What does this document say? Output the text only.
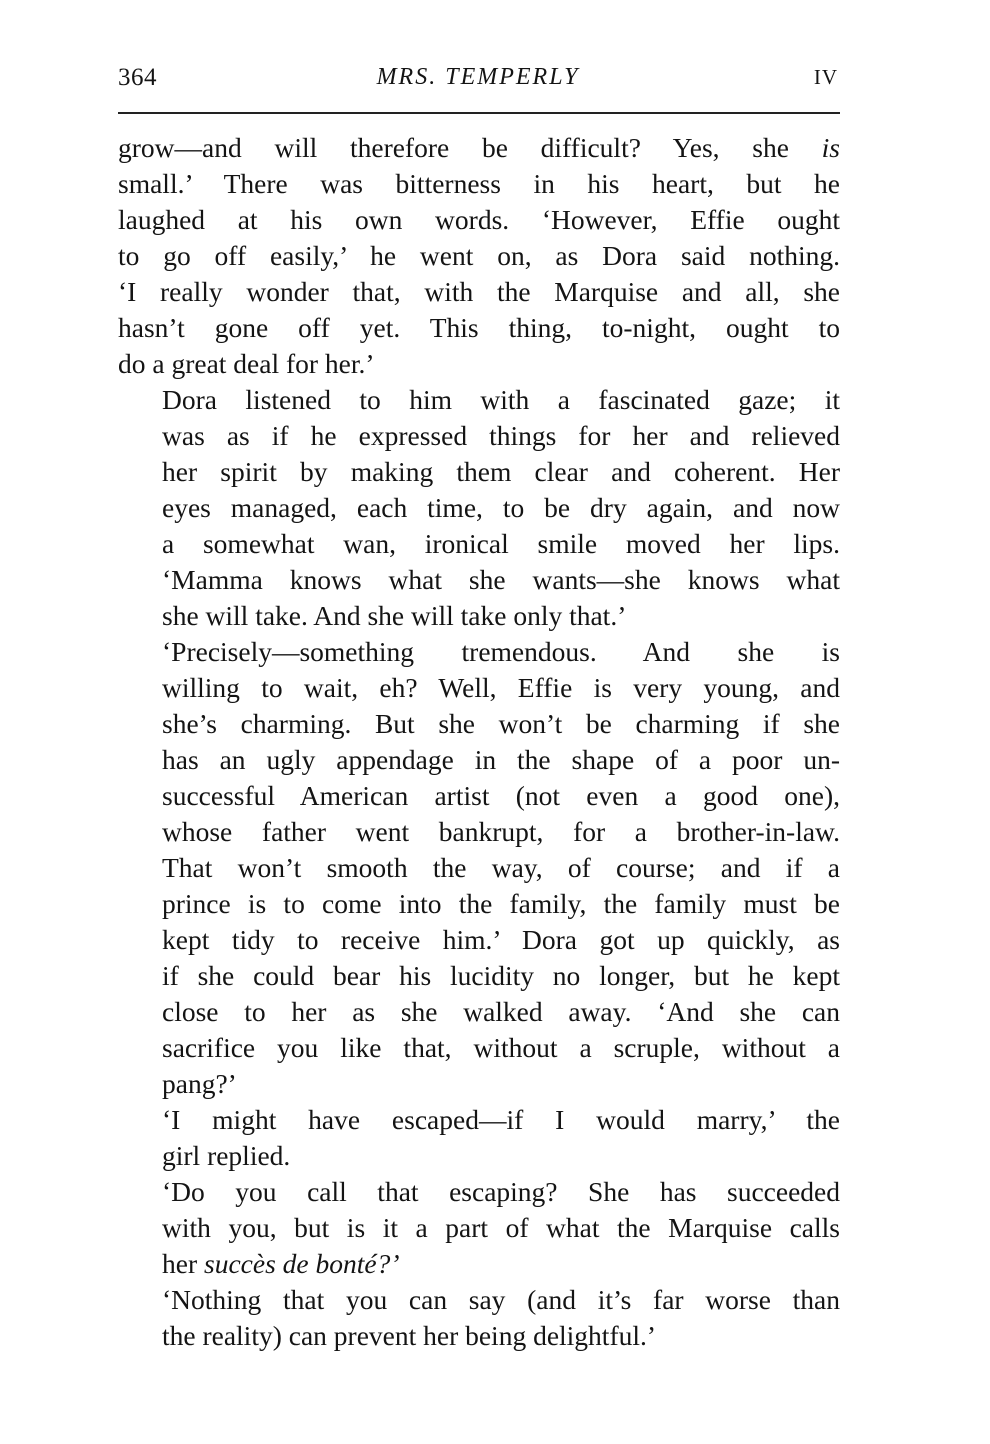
364	MRS. TEMPERLY	IV
grow—and will therefore be difficult? Yes, she is
small.’ There was bitterness in his heart, but he
laughed at his own words. ‘However, Effie ought
to go off easily,’ he went on, as Dora said nothing.
‘I really wonder that, with the Marquise and all, she
hasn’t gone off yet. This thing, to-night, ought to
do a great deal for her.’
Dora listened to him with a fascinated gaze; it
was as if he expressed things for her and relieved
her spirit by making them clear and coherent. Her
eyes managed, each time, to be dry again, and now
a somewhat wan, ironical smile moved her lips.
‘Mamma knows what she wants—she knows what
she will take. And she will take only that.’
‘Precisely—something tremendous. And she is
willing to wait, eh? Well, Effie is very young, and
she’s charming. But she won’t be charming if she
has an ugly appendage in the shape of a poor un-
successful American artist (not even a good one),
whose father went bankrupt, for a brother-in-law.
That won’t smooth the way, of course; and if a
prince is to come into the family, the family must be
kept tidy to receive him.’ Dora got up quickly, as
if she could bear his lucidity no longer, but he kept
close to her as she walked away. ‘And she can
sacrifice you like that, without a scruple, without a
pang?’
‘I might have escaped—if I would marry,’ the
girl replied.
‘Do you call that escaping? She has succeeded
with you, but is it a part of what the Marquise calls
her succès de bonté?’
‘Nothing that you can say (and it’s far worse than
the reality) can prevent her being delightful.’
